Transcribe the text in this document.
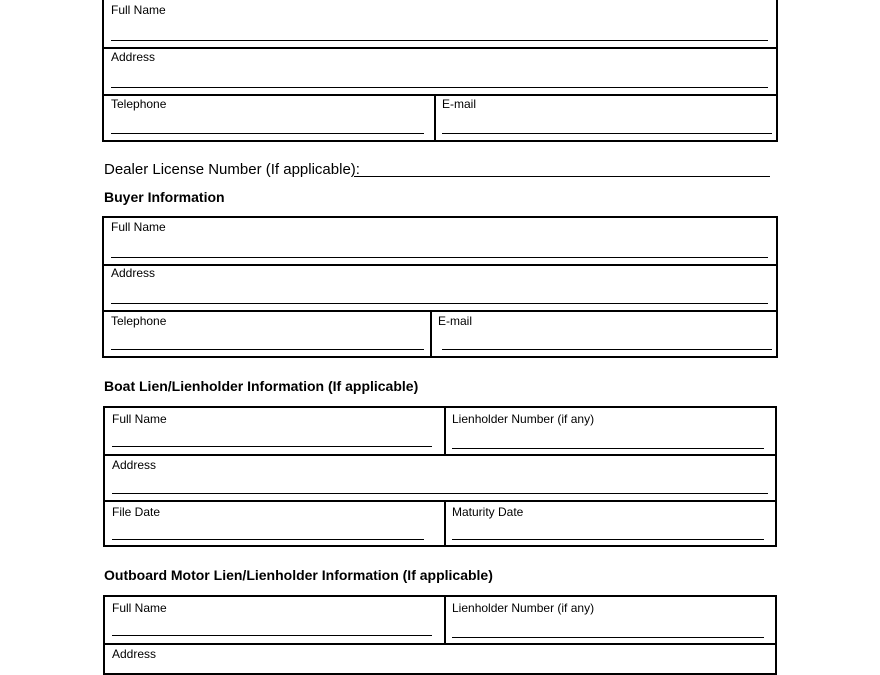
Full Name
Address
Telephone	E-mail
Dealer License Number (If applicable):
Buyer Information
Full Name
Address
Telephone	E-mail
Boat Lien/Lienholder Information (If applicable)
Full Name	Lienholder Number (if any)
Address
File Date	Maturity Date
Outboard Motor Lien/Lienholder Information (If applicable)
Full Name	Lienholder Number (if any)
Address
